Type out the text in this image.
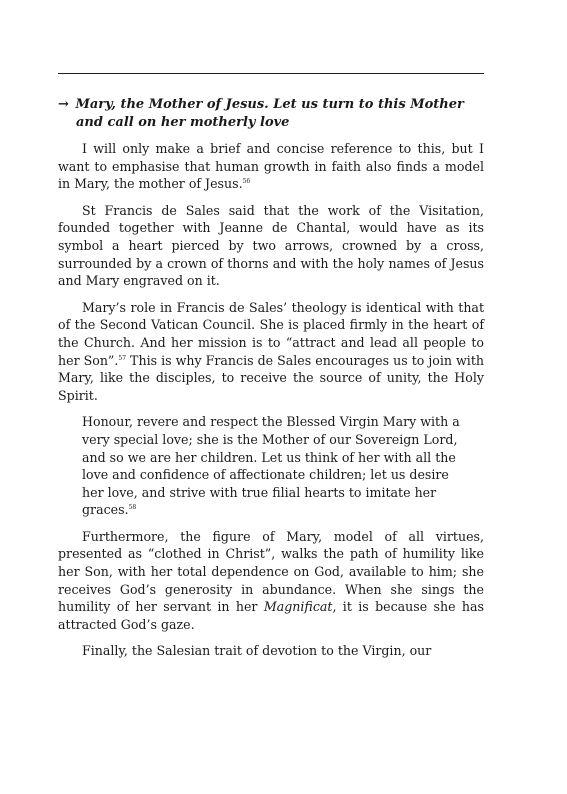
→ Mary, the Mother of Jesus. Let us turn to this Mother
and call on her motherly love

I will only make a brief and concise reference to this, but I want to emphasise that human growth in faith also finds a model in Mary, the mother of Jesus.$^{56}$

St Francis de Sales said that the work of the Visitation, founded together with Jeanne de Chantal, would have as its symbol a heart pierced by two arrows, crowned by a cross, surrounded by a crown of thorns and with the holy names of Jesus and Mary engraved on it.

Mary’s role in Francis de Sales’ theology is identical with that of the Second Vatican Council. She is placed firmly in the heart of the Church. And her mission is to “attract and lead all people to her Son”.$^{57}$ This is why Francis de Sales encourages us to join with Mary, like the disciples, to receive the source of unity, the Holy Spirit.

Honour, revere and respect the Blessed Virgin Mary with a very special love; she is the Mother of our Sovereign Lord, and so we are her children. Let us think of her with all the love and confidence of affectionate children; let us desire her love, and strive with true filial hearts to imitate her graces.$^{58}$

Furthermore, the figure of Mary, model of all virtues, presented as “clothed in Christ”, walks the path of humility like her Son, with her total dependence on God, available to him; she receives God’s generosity in abundance. When she sings the humility of her servant in her Magnificat, it is because she has attracted God’s gaze.

Finally, the Salesian trait of devotion to the Virgin, our
